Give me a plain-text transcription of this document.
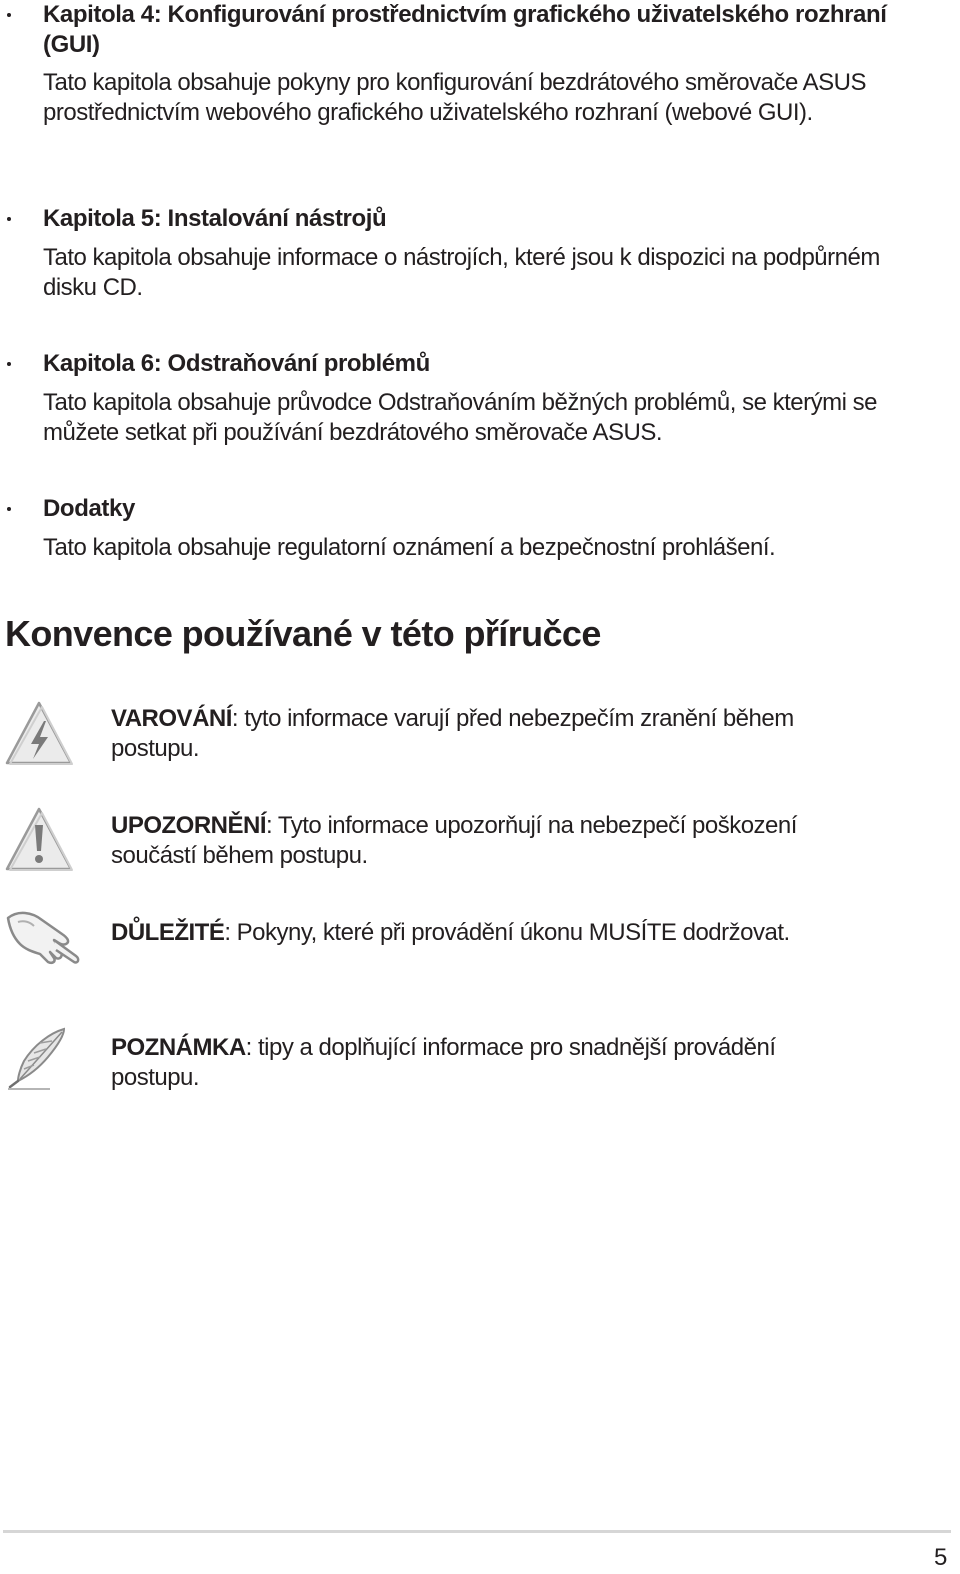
Kapitola 4: Konfigurování prostřednictvím grafického uživatelského rozhraní (GUI)

Tato kapitola obsahuje pokyny pro konfigurování bezdrátového směrovače ASUS prostřednictvím webového grafického uživatelského rozhraní (webové GUI).

Kapitola 5: Instalování nástrojů

Tato kapitola obsahuje informace o nástrojích, které jsou k dispozici na podpůrném disku CD.

Kapitola 6: Odstraňování problémů

Tato kapitola obsahuje průvodce Odstraňováním běžných problémů, se kterými se můžete setkat při používání bezdrátového směrovače ASUS.

Dodatky

Tato kapitola obsahuje regulatorní oznámení a bezpečnostní prohlášení.

Konvence používané v této příručce

VAROVÁNÍ: tyto informace varují před nebezpečím zranění během postupu.

UPOZORNĚNÍ: Tyto informace upozorňují na nebezpečí poškození součástí během postupu.

DŮLEŽITÉ: Pokyny, které při provádění úkonu MUSÍTE dodržovat.

POZNÁMKA: tipy a doplňující informace pro snadnější provádění postupu.

5
